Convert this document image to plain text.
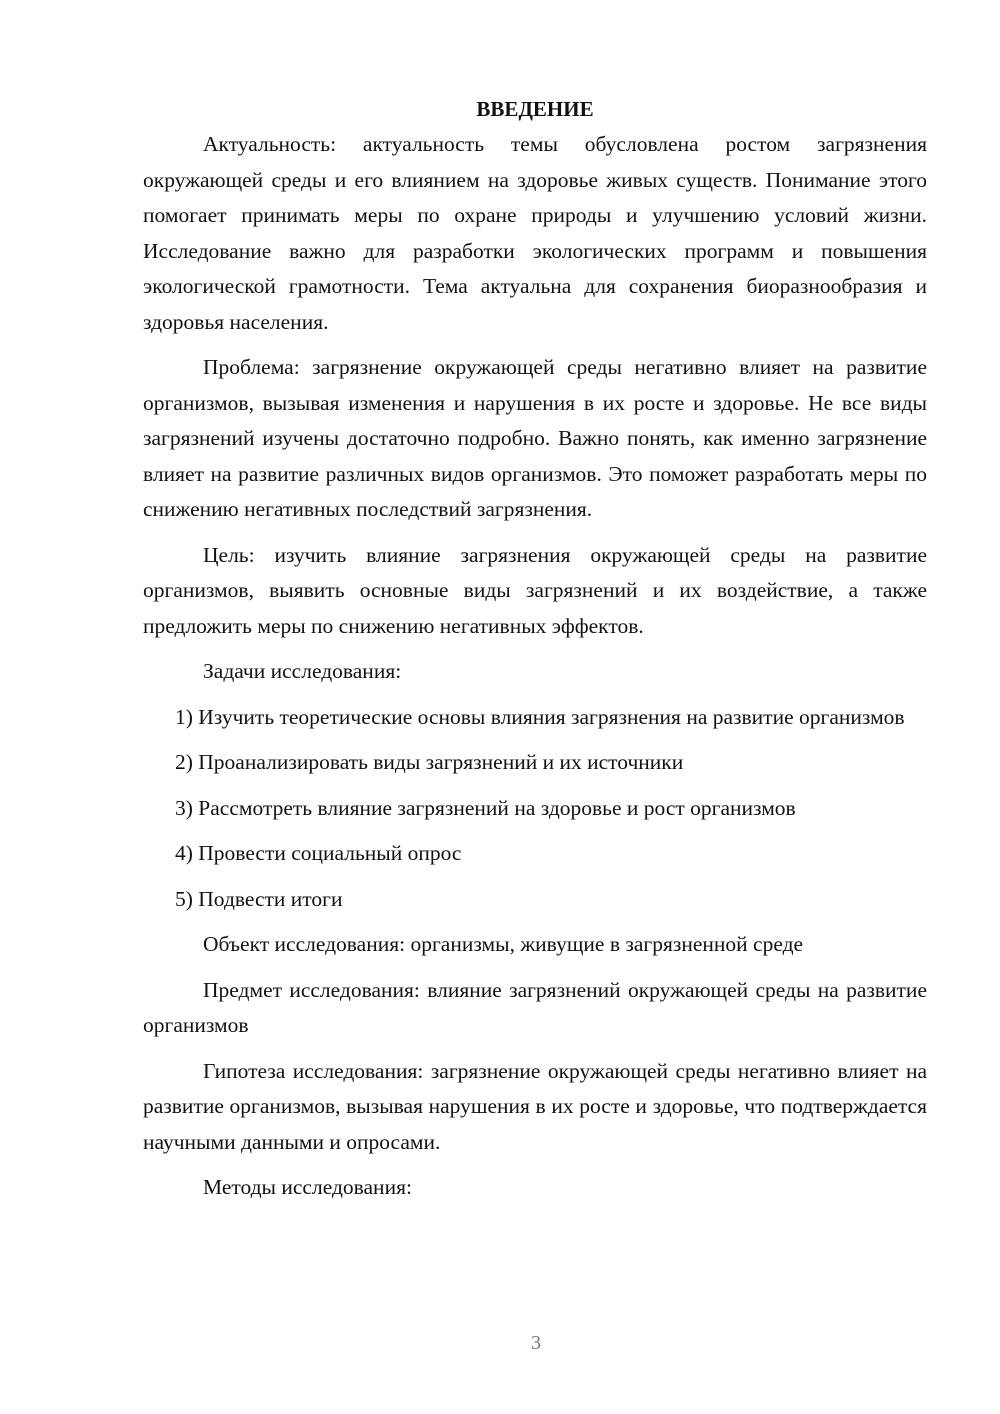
ВВЕДЕНИЕ

Актуальность: актуальность темы обусловлена ростом загрязнения окружающей среды и его влиянием на здоровье живых существ. Понимание этого помогает принимать меры по охране природы и улучшению условий жизни. Исследование важно для разработки экологических программ и повышения экологической грамотности. Тема актуальна для сохранения биоразнообразия и здоровья населения.

Проблема: загрязнение окружающей среды негативно влияет на развитие организмов, вызывая изменения и нарушения в их росте и здоровье. Не все виды загрязнений изучены достаточно подробно. Важно понять, как именно загрязнение влияет на развитие различных видов организмов. Это поможет разработать меры по снижению негативных последствий загрязнения.

Цель: изучить влияние загрязнения окружающей среды на развитие организмов, выявить основные виды загрязнений и их воздействие, а также предложить меры по снижению негативных эффектов.

Задачи исследования:

1) Изучить теоретические основы влияния загрязнения на развитие организмов

2) Проанализировать виды загрязнений и их источники

3) Рассмотреть влияние загрязнений на здоровье и рост организмов

4) Провести социальный опрос

5) Подвести итоги

Объект исследования: организмы, живущие в загрязненной среде

Предмет исследования: влияние загрязнений окружающей среды на развитие организмов

Гипотеза исследования: загрязнение окружающей среды негативно влияет на развитие организмов, вызывая нарушения в их росте и здоровье, что подтверждается научными данными и опросами.

Методы исследования:

3
